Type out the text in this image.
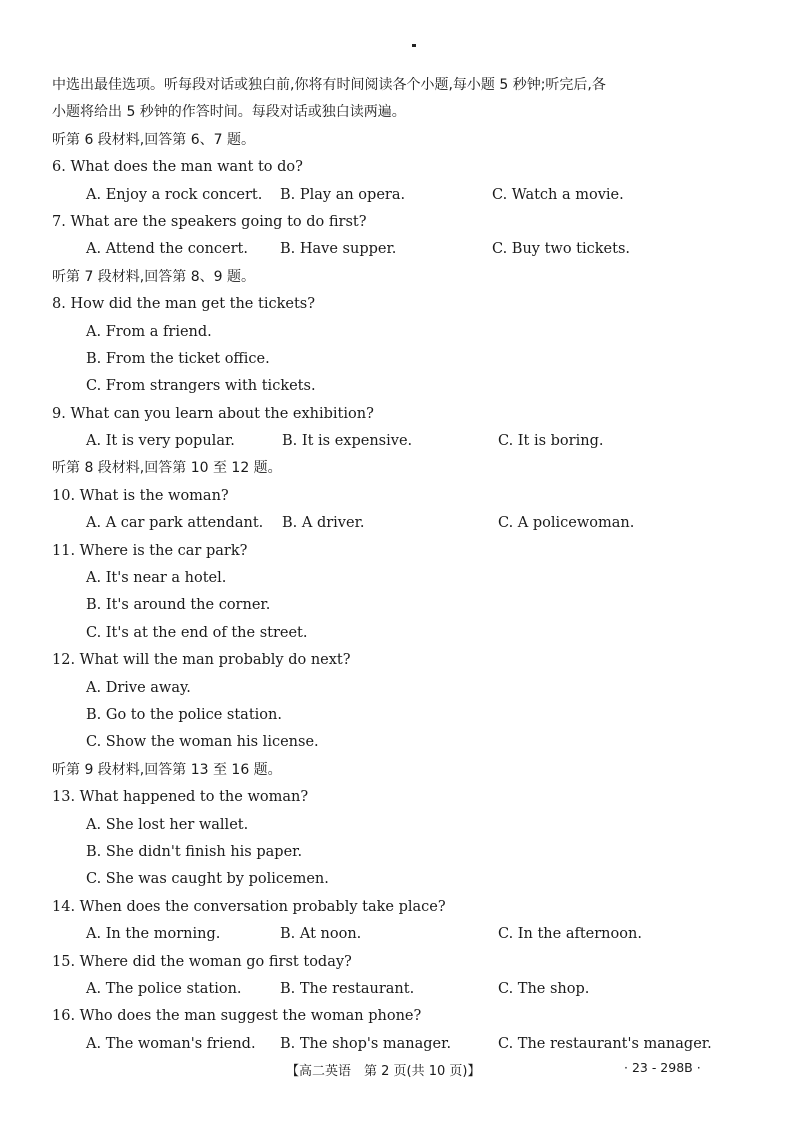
中选出最佳选项。听每段对话或独白前,你将有时间阅读各个小题,每小题 5 秒钟;听完后,各
小题将给出 5 秒钟的作答时间。每段对话或独白读两遍。
听第 6 段材料,回答第 6、7 题。
6. What does the man want to do?
A. Enjoy a rock concert. B. Play an opera.	C. Watch a movie.
7. What are the speakers going to do first?
A. Attend the concert. B. Have supper.	C. Buy two tickets.
听第 7 段材料,回答第 8、9 题。
8. How did the man get the tickets?
A. From a friend.
B. From the ticket office.
C. From strangers with tickets.
9. What can you learn about the exhibition?
A. It is very popular.	B. It is expensive.	C. It is boring.
听第 8 段材料,回答第 10 至 12 题。
10. What is the woman?
A. A car park attendant. B. A driver.	C. A policewoman.
11. Where is the car park?
A. It's near a hotel.
B. It's around the corner.
C. It's at the end of the street.
12. What will the man probably do next?
A. Drive away.
B. Go to the police station.
C. Show the woman his license.
听第 9 段材料,回答第 13 至 16 题。
13. What happened to the woman?
A. She lost her wallet.
B. She didn't finish his paper.
C. She was caught by policemen.
14. When does the conversation probably take place?
A. In the morning.	B. At noon.	C. In the afternoon.
15. Where did the woman go first today?
A. The police station.	B. The restaurant.	C. The shop.
16. Who does the man suggest the woman phone?
A. The woman's friend. B. The shop's manager.	C. The restaurant's manager.
【高二英语　第 2 页(共 10 页)】	· 23 - 298B ·
